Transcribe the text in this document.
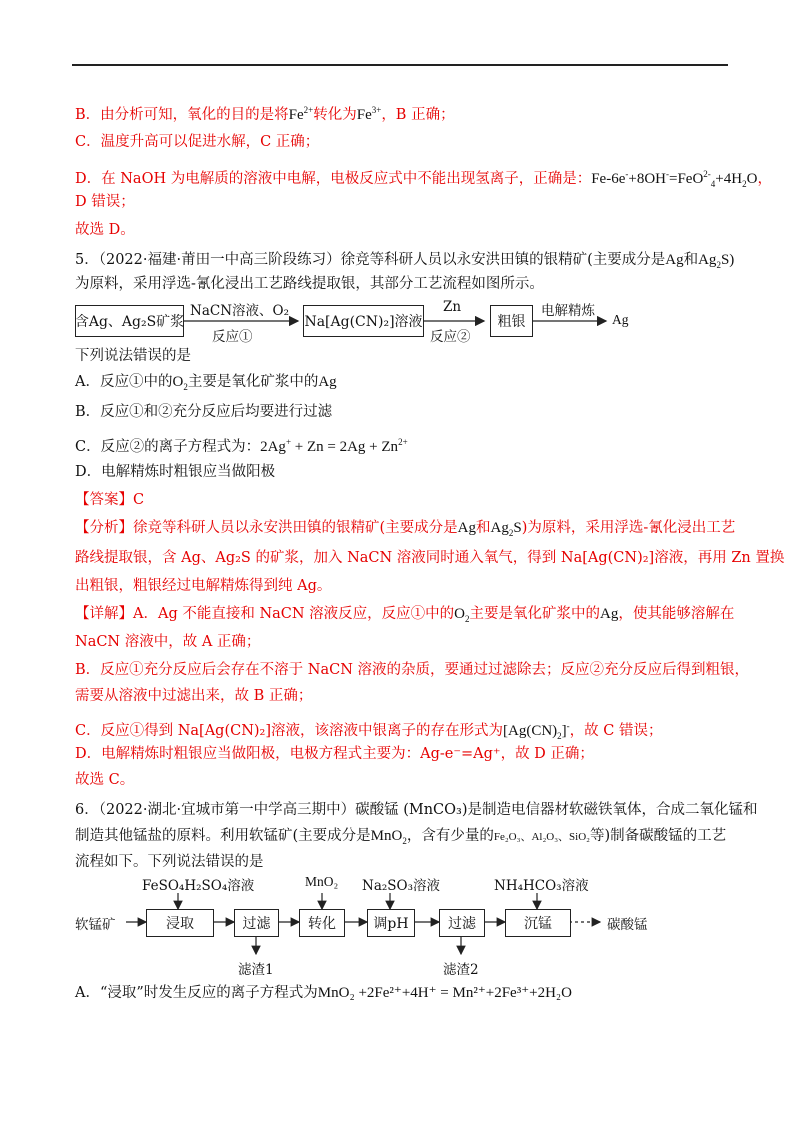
B．由分析可知，氧化的目的是将$Fe^{2+}$转化为$Fe^{3+}$，B 正确；
C．温度升高可以促进水解，C 正确；
D．在 NaOH 为电解质的溶液中电解，电极反应式中不能出现氢离子，正确是：$Fe-6e^-+8OH^-=FeO^{2-}_4+4H_2O$，
D 错误；
故选 D。
5．（2022·福建·莆田一中高三阶段练习）徐竞等科研人员以永安洪田镇的银精矿(主要成分是Ag和$Ag_2S$)
为原料，采用浮选-氰化浸出工艺路线提取银，其部分工艺流程如图所示。
含Ag、Ag₂S矿浆
NaCN溶液、O₂
反应①
Na[Ag(CN)₂]溶液
Zn
反应②
粗银
电解精炼
Ag
下列说法错误的是
A．反应①中的$O_2$主要是氧化矿浆中的Ag
B．反应①和②充分反应后均要进行过滤
C．反应②的离子方程式为：$2Ag^+ + Zn = 2Ag + Zn^{2+}$
D．电解精炼时粗银应当做阳极
【答案】C
【分析】徐竞等科研人员以永安洪田镇的银精矿(主要成分是Ag和$Ag_2S$)为原料，采用浮选-氰化浸出工艺
路线提取银，含 Ag、Ag₂S 的矿浆，加入 NaCN 溶液同时通入氧气，得到 Na[Ag(CN)₂]溶液，再用 Zn 置换
出粗银，粗银经过电解精炼得到纯 Ag。
【详解】A．Ag 不能直接和 NaCN 溶液反应，反应①中的$O_2$主要是氧化矿浆中的Ag，使其能够溶解在
NaCN 溶液中，故 A 正确；
B．反应①充分反应后会存在不溶于 NaCN 溶液的杂质，要通过过滤除去；反应②充分反应后得到粗银，
需要从溶液中过滤出来，故 B 正确；
C．反应①得到 Na[Ag(CN)₂]溶液，该溶液中银离子的存在形式为$[Ag(CN)_2]^-$，故 C 错误；
D．电解精炼时粗银应当做阳极，电极方程式主要为：Ag-e⁻=Ag⁺，故 D 正确；
故选 C。
6．（2022·湖北·宜城市第一中学高三期中）碳酸锰 (MnCO₃)是制造电信器材软磁铁氧体，合成二氧化锰和
制造其他锰盐的原料。利用软锰矿(主要成分是MnO$_2$，含有少量的Fe₂O₃、Al₂O₃、SiO₂等)制备碳酸锰的工艺
流程如下。下列说法错误的是
软锰矿
FeSO₄H₂SO₄溶液
浸取	过滤
滤渣1
MnO₂
转化
Na₂SO₃溶液
调pH	过滤
滤渣2
NH₄HCO₃溶液
沉锰	碳酸锰
A．“浸取”时发生反应的离子方程式为MnO₂ +2Fe²⁺+4H⁺ = Mn²⁺+2Fe³⁺+2H₂O
